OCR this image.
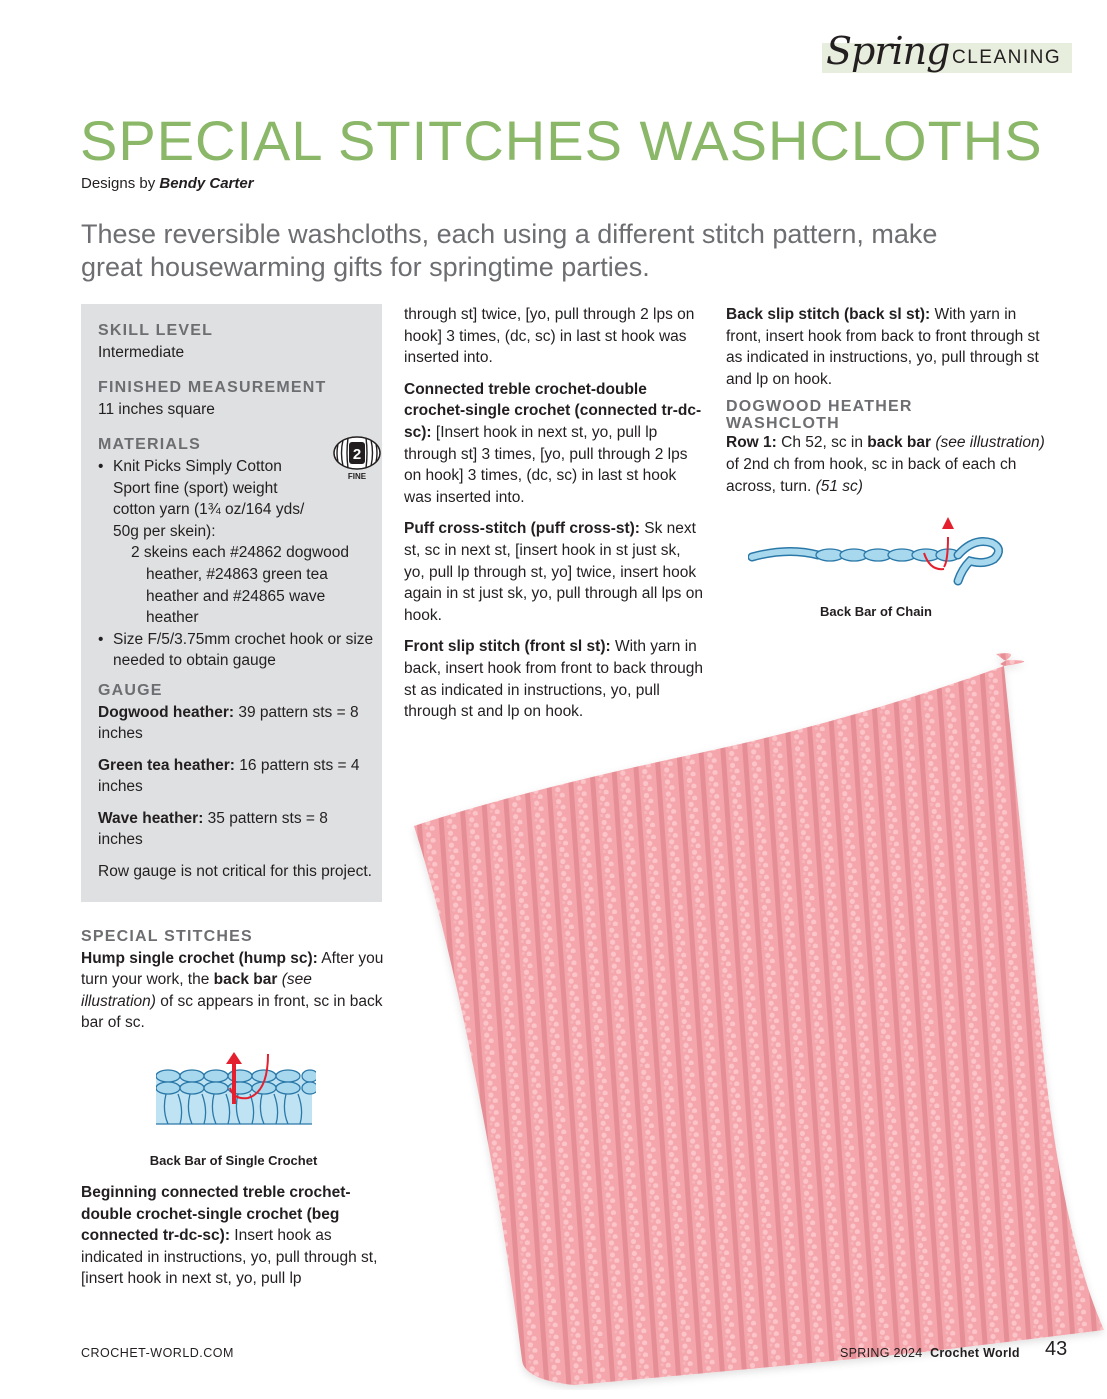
Spring CLEANING
SPECIAL STITCHES WASHCLOTHS
Designs by Bendy Carter
These reversible washcloths, each using a different stitch pattern, make great housewarming gifts for springtime parties.
SKILL LEVEL
Intermediate
FINISHED MEASUREMENT
11 inches square
MATERIALS
• Knit Picks Simply Cotton Sport fine (sport) weight cotton yarn (1¾ oz/164 yds/ 50g per skein):
2 skeins each #24862 dogwood heather, #24863 green tea heather and #24865 wave heather
• Size F/5/3.75mm crochet hook or size needed to obtain gauge
2
FINE
GAUGE
Dogwood heather: 39 pattern sts = 8 inches
Green tea heather: 16 pattern sts = 4 inches
Wave heather: 35 pattern sts = 8 inches
Row gauge is not critical for this project.
SPECIAL STITCHES
Hump single crochet (hump sc): After you turn your work, the back bar (see illustration) of sc appears in front, sc in back bar of sc.
Back Bar of Single Crochet
Beginning connected treble crochet-double crochet-single crochet (beg connected tr-dc-sc): Insert hook as indicated in instructions, yo, pull through st, [insert hook in next st, yo, pull lp
through st] twice, [yo, pull through 2 lps on hook] 3 times, (dc, sc) in last st hook was inserted into.
Connected treble crochet-double crochet-single crochet (connected tr-dc-sc): [Insert hook in next st, yo, pull lp through st] 3 times, [yo, pull through 2 lps on hook] 3 times, (dc, sc) in last st hook was inserted into.
Puff cross-stitch (puff cross-st): Sk next st, sc in next st, [insert hook in st just sk, yo, pull lp through st, yo] twice, insert hook again in st just sk, yo, pull through all lps on hook.
Front slip stitch (front sl st): With yarn in back, insert hook from front to back through st as indicated in instructions, yo, pull through st and lp on hook.
Back slip stitch (back sl st): With yarn in front, insert hook from back to front through st as indicated in instructions, yo, pull through st and lp on hook.
DOGWOOD HEATHER WASHCLOTH
Row 1: Ch 52, sc in back bar (see illustration) of 2nd ch from hook, sc in back of each ch across, turn. (51 sc)
Back Bar of Chain
CROCHET-WORLD.COM	SPRING 2024 Crochet World 43
